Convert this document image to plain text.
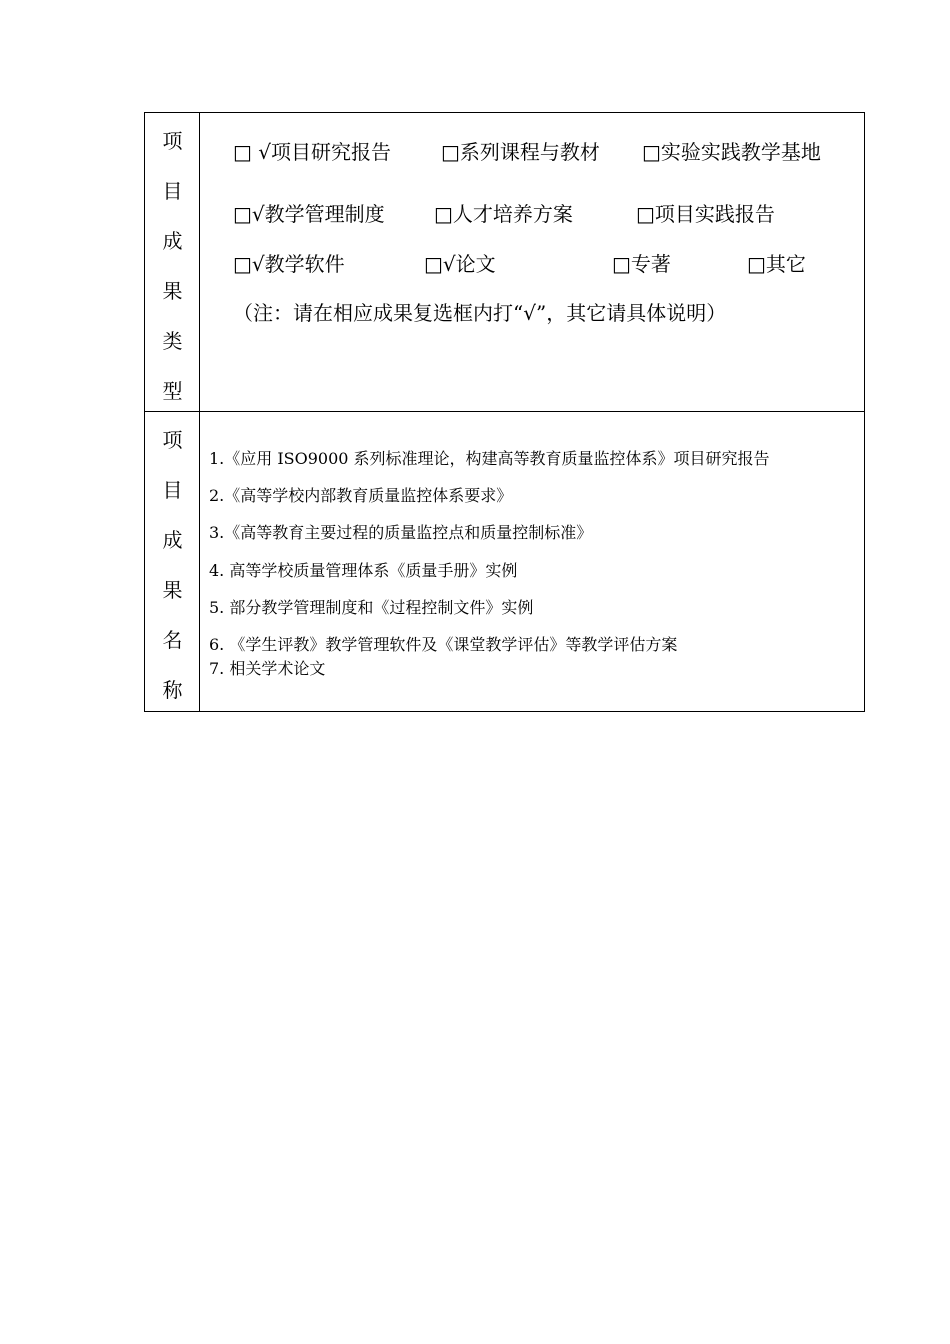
项
目
成
果
类
型
□ √项目研究报告	□系列课程与教材 □实验实践教学基地
□√教学管理制度 □人才培养方案	□项目实践报告
□√教学软件	□√论文	□专著	□其它
（注：请在相应成果复选框内打“√”，其它请具体说明）
项
目
成
果
名
称
1.《应用 ISO9000 系列标准理论，构建高等教育质量监控体系》项目研究报告
2.《高等学校内部教育质量监控体系要求》
3.《高等教育主要过程的质量监控点和质量控制标准》
4. 高等学校质量管理体系《质量手册》实例
5. 部分教学管理制度和《过程控制文件》实例
6. 《学生评教》教学管理软件及《课堂教学评估》等教学评估方案
7. 相关学术论文
